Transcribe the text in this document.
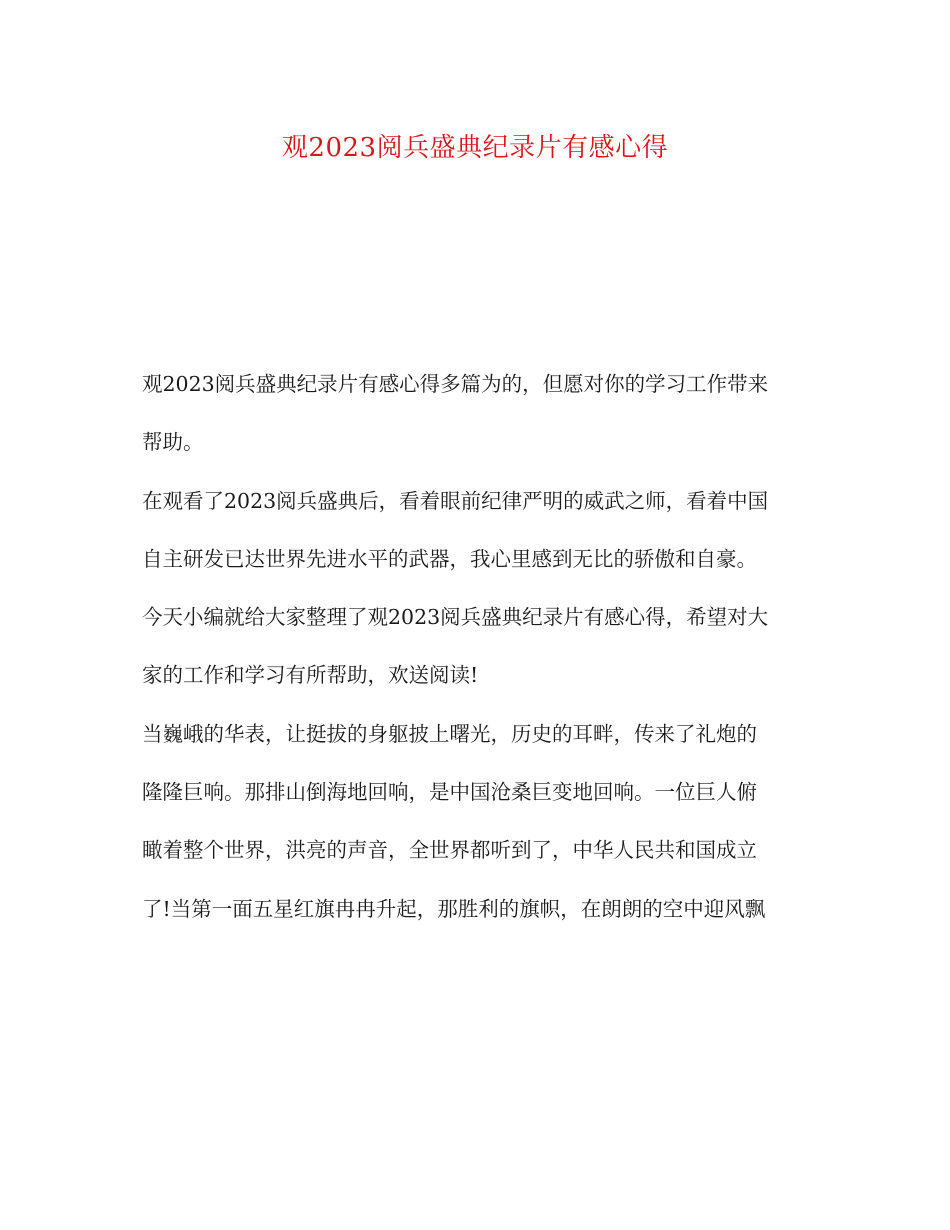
观2023阅兵盛典纪录片有感心得
观2023阅兵盛典纪录片有感心得多篇为的，但愿对你的学习工作带来
帮助。
在观看了2023阅兵盛典后，看着眼前纪律严明的威武之师，看着中国
自主研发已达世界先进水平的武器，我心里感到无比的骄傲和自豪。
今天小编就给大家整理了观2023阅兵盛典纪录片有感心得，希望对大
家的工作和学习有所帮助，欢送阅读!
当巍峨的华表，让挺拔的身躯披上曙光，历史的耳畔，传来了礼炮的
隆隆巨响。那排山倒海地回响，是中国沧桑巨变地回响。一位巨人俯
瞰着整个世界，洪亮的声音，全世界都听到了，中华人民共和国成立
了!当第一面五星红旗冉冉升起，那胜利的旗帜，在朗朗的空中迎风飘
